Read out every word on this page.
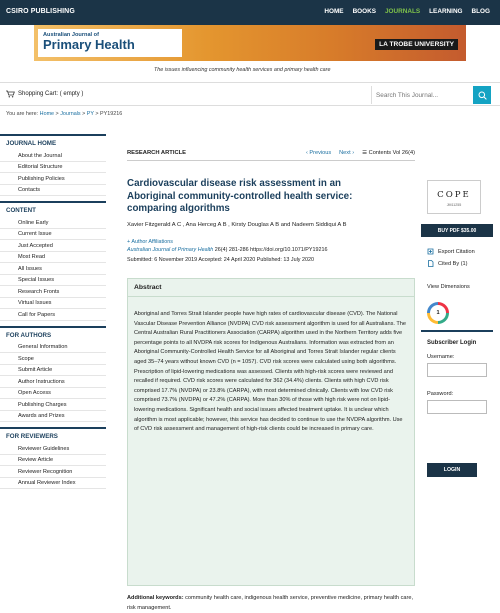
CSIRO PUBLISHING	HOME BOOKS JOURNALS LEARNING BLOG
Australian Journal of
Primary Health	LA TROBE UNIVERSITY
The issues influencing community health services and primary health care
Shopping Cart: ( empty )
Search This Journal...
You are here: Home > Journals > PY > PY19216
JOURNAL HOME
About the Journal
Editorial Structure
Publishing Policies
Contacts
CONTENT
Online Early
Current Issue
Just Accepted
Most Read
All Issues
Special Issues
Research Fronts
Virtual Issues
Call for Papers
FOR AUTHORS
General Information
Scope
Submit Article
Author Instructions
Open Access
Publishing Charges
Awards and Prizes
FOR REVIEWERS
Reviewer Guidelines
Review Article
Reviewer Recognition
Annual Reviewer Index
RESEARCH ARTICLE	‹ Previous Next › ☰ Contents Vol 26(4)
Cardiovascular disease risk assessment in an Aboriginal community-controlled health service: comparing algorithms
Xavier Fitzgerald A C , Ana Herceg A B , Kirsty Douglas A B and Nadeem Siddiqui A B
+ Author Affiliations
Australian Journal of Primary Health 26(4) 281-286 https://doi.org/10.1071/PY19216
Submitted: 6 November 2019 Accepted: 24 April 2020 Published: 13 July 2020
Abstract
Aboriginal and Torres Strait Islander people have high rates of cardiovascular disease (CVD). The National Vascular Disease Prevention Alliance (NVDPA) CVD risk assessment algorithm is used for all Australians. The Central Australian Rural Practitioners Association (CARPA) algorithm used in the Northern Territory adds five percentage points to all NVDPA risk scores for Indigenous Australians. Information was extracted from an Aboriginal Community-Controlled Health Service for all Aboriginal and Torres Strait Islander regular clients aged 35–74 years without known CVD (n = 1057). CVD risk scores were calculated using both algorithms. Prescription of lipid-lowering medications was assessed. Clients with high-risk scores were reviewed and recalled if required. CVD risk scores were calculated for 362 (34.4%) clients. Clients with high CVD risk comprised 17.7% (NVDPA) or 23.8% (CARPA), with most determined clinically. Clients with low CVD risk comprised 73.7% (NVDPA) or 47.2% (CARPA). More than 30% of those with high risk were not on lipid-lowering medications. Significant health and social issues affected treatment uptake. It is unclear which algorithm is most applicable; however, this service has decided to continue to use the NVDPA algorithm. Use of CVD risk assessment and management of high-risk clients could be increased in primary care.
Additional keywords: community health care, indigenous health service, preventive medicine, primary health care, risk management.
COPE
JM11255
BUY PDF $35.00
Export Citation
Cited By (1)
View Dimensions
1
Subscriber Login
Username:
Password:
LOGIN
